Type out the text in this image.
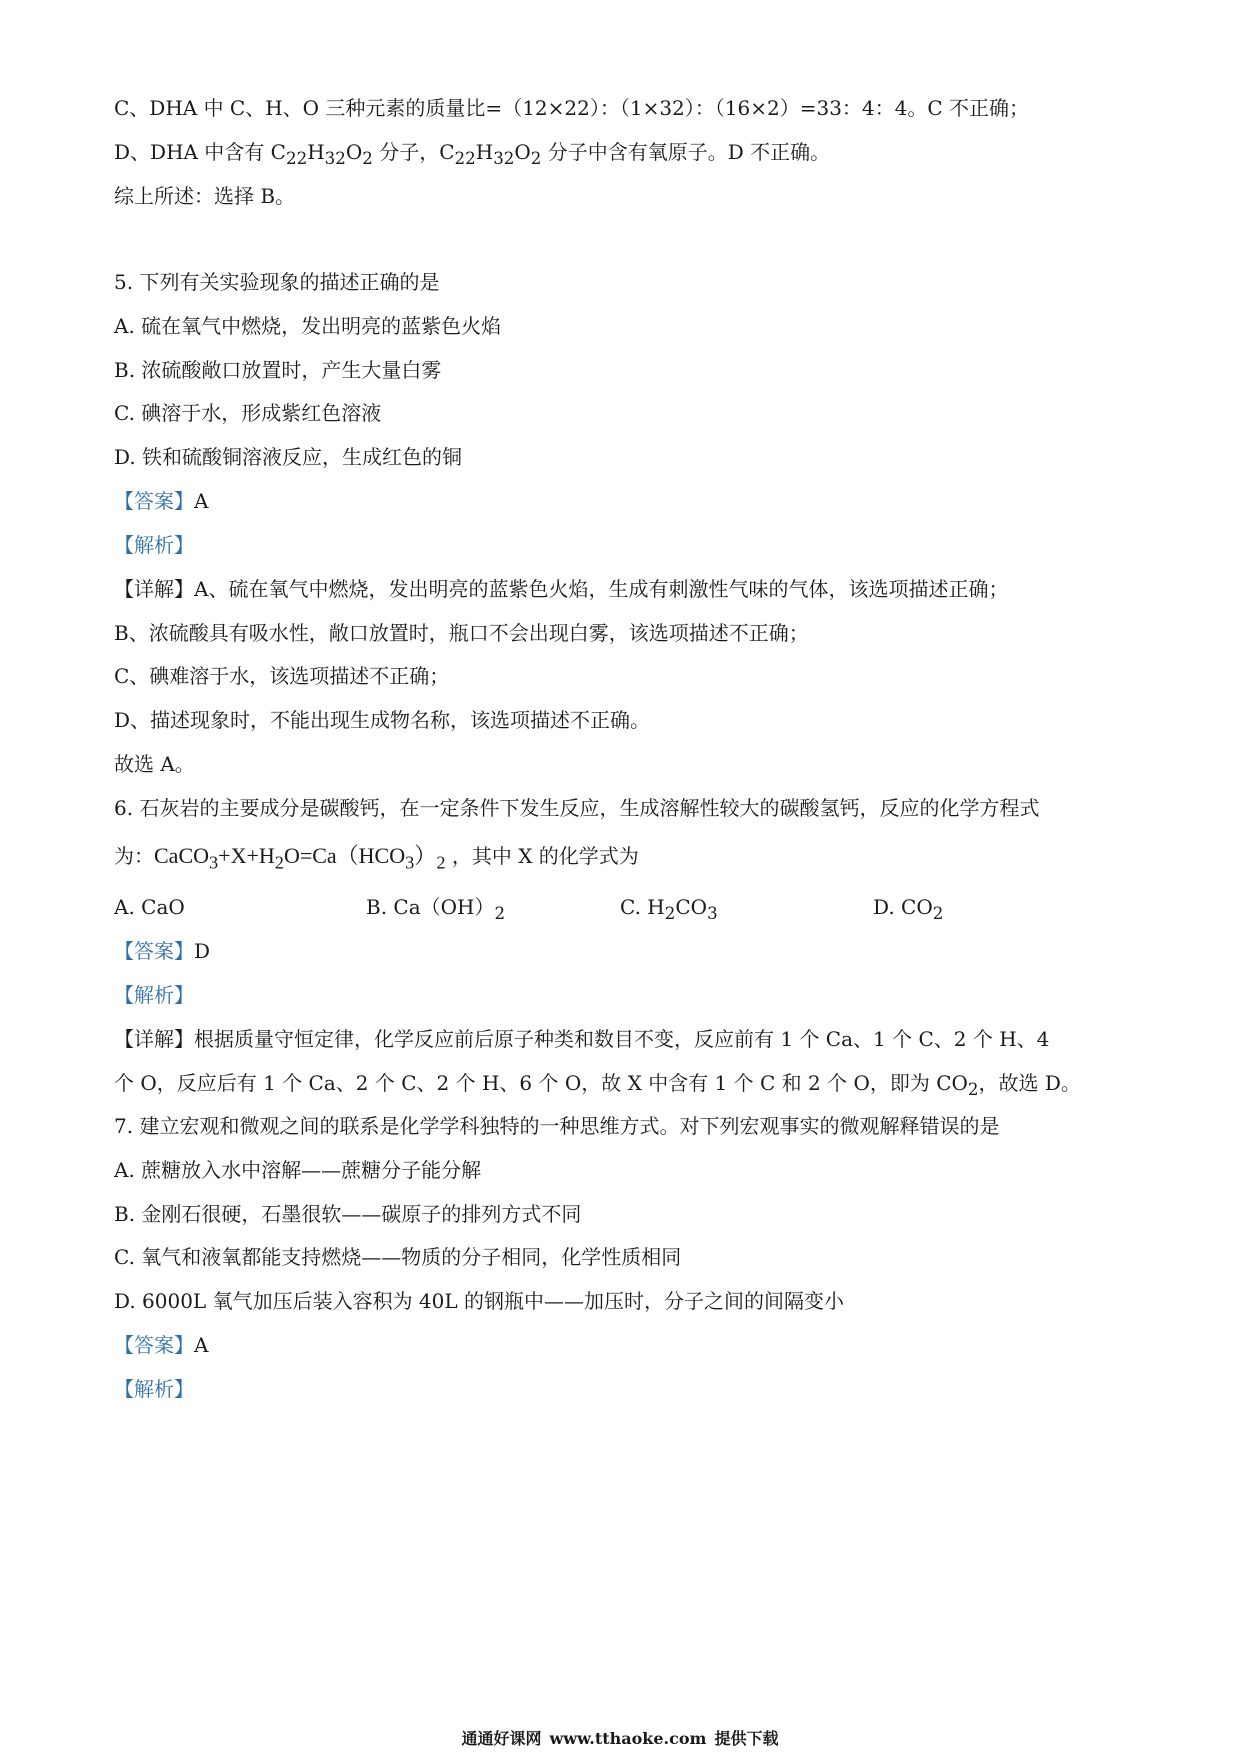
C、DHA 中 C、H、O 三种元素的质量比=（12×22）：（1×32）：（16×2）=33：4：4。C 不正确；
D、DHA 中含有 $C_{22}H_{32}O_2$ 分子，$C_{22}H_{32}O_2$ 分子中含有氧原子。D 不正确。
综上所述：选择 B。
5. 下列有关实验现象的描述正确的是
A. 硫在氧气中燃烧，发出明亮的蓝紫色火焰
B. 浓硫酸敞口放置时，产生大量白雾
C. 碘溶于水，形成紫红色溶液
D. 铁和硫酸铜溶液反应，生成红色的铜
【答案】A
【解析】
【详解】A、硫在氧气中燃烧，发出明亮的蓝紫色火焰，生成有刺激性气味的气体，该选项描述正确；
B、浓硫酸具有吸水性，敞口放置时，瓶口不会出现白雾，该选项描述不正确；
C、碘难溶于水，该选项描述不正确；
D、描述现象时，不能出现生成物名称，该选项描述不正确。
故选 A。
6. 石灰岩的主要成分是碳酸钙，在一定条件下发生反应，生成溶解性较大的碳酸氢钙，反应的化学方程式
为：$CaCO_3+X+H_2O=Ca(HCO_3)_2$ ，其中 X 的化学式为
A. CaO	B. $Ca(OH)_2$	C. $H_2CO_3$	D. $CO_2$
【答案】D
【解析】
【详解】根据质量守恒定律，化学反应前后原子种类和数目不变，反应前有 1 个 Ca、1 个 C、2 个 H、4
个 O，反应后有 1 个 Ca、2 个 C、2 个 H、6 个 O，故 X 中含有 1 个 C 和 2 个 O，即为 $CO_2$，故选 D。
7. 建立宏观和微观之间的联系是化学学科独特的一种思维方式。对下列宏观事实的微观解释错误的是
A. 蔗糖放入水中溶解——蔗糖分子能分解
B. 金刚石很硬，石墨很软——碳原子的排列方式不同
C. 氧气和液氧都能支持燃烧——物质的分子相同，化学性质相同
D. 6000L 氧气加压后装入容积为 40L 的钢瓶中——加压时，分子之间的间隔变小
【答案】A
【解析】
通通好课网 www.tthaoke.com 提供下载
